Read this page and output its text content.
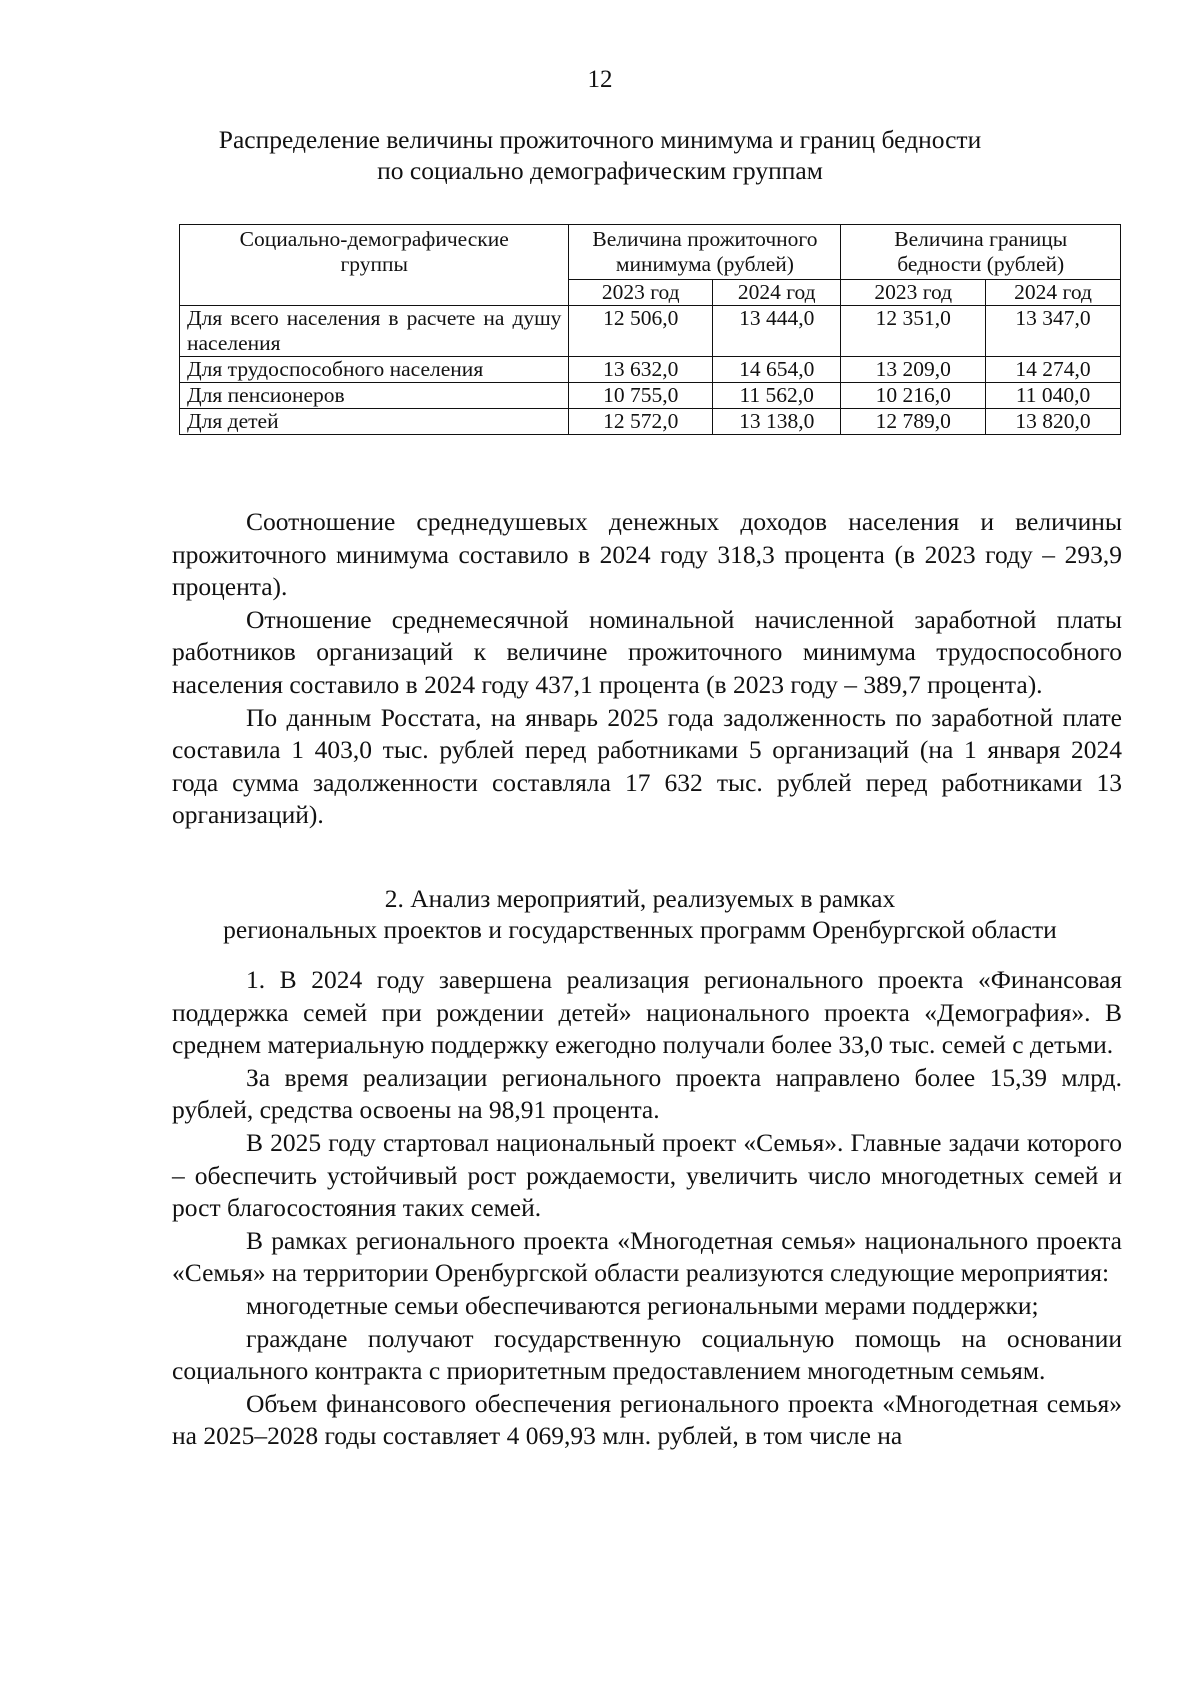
12
Распределение величины прожиточного минимума и границ бедности
по социально демографическим группам
Социально-демографические группы	Величина прожиточного минимума (рублей)		Величина границы бедности (рублей)	
	2023 год	2024 год	2023 год	2024 год
Для всего населения в расчете на душу населения	12 506,0	13 444,0	12 351,0	13 347,0
Для трудоспособного населения	13 632,0	14 654,0	13 209,0	14 274,0
Для пенсионеров	10 755,0	11 562,0	10 216,0	11 040,0
Для детей	12 572,0	13 138,0	12 789,0	13 820,0

Соотношение среднедушевых денежных доходов населения и величины прожиточного минимума составило в 2024 году 318,3 процента (в 2023 году – 293,9 процента).

Отношение среднемесячной номинальной начисленной заработной платы работников организаций к величине прожиточного минимума трудоспособного населения составило в 2024 году 437,1 процента (в 2023 году – 389,7 процента).

По данным Росстата, на январь 2025 года задолженность по заработной плате составила 1 403,0 тыс. рублей перед работниками 5 организаций (на 1 января 2024 года сумма задолженности составляла 17 632 тыс. рублей перед работниками 13 организаций).

2. Анализ мероприятий, реализуемых в рамках
региональных проектов и государственных программ Оренбургской области

1. В 2024 году завершена реализация регионального проекта «Финансовая поддержка семей при рождении детей» национального проекта «Демография». В среднем материальную поддержку ежегодно получали более 33,0 тыс. семей с детьми.

За время реализации регионального проекта направлено более 15,39 млрд. рублей, средства освоены на 98,91 процента.

В 2025 году стартовал национальный проект «Семья». Главные задачи которого – обеспечить устойчивый рост рождаемости, увеличить число многодетных семей и рост благосостояния таких семей.

В рамках регионального проекта «Многодетная семья» национального проекта «Семья» на территории Оренбургской области реализуются следующие мероприятия:

многодетные семьи обеспечиваются региональными мерами поддержки;

граждане получают государственную социальную помощь на основании социального контракта с приоритетным предоставлением многодетным семьям.

Объем финансового обеспечения регионального проекта «Многодетная семья» на 2025–2028 годы составляет 4 069,93 млн. рублей, в том числе на
